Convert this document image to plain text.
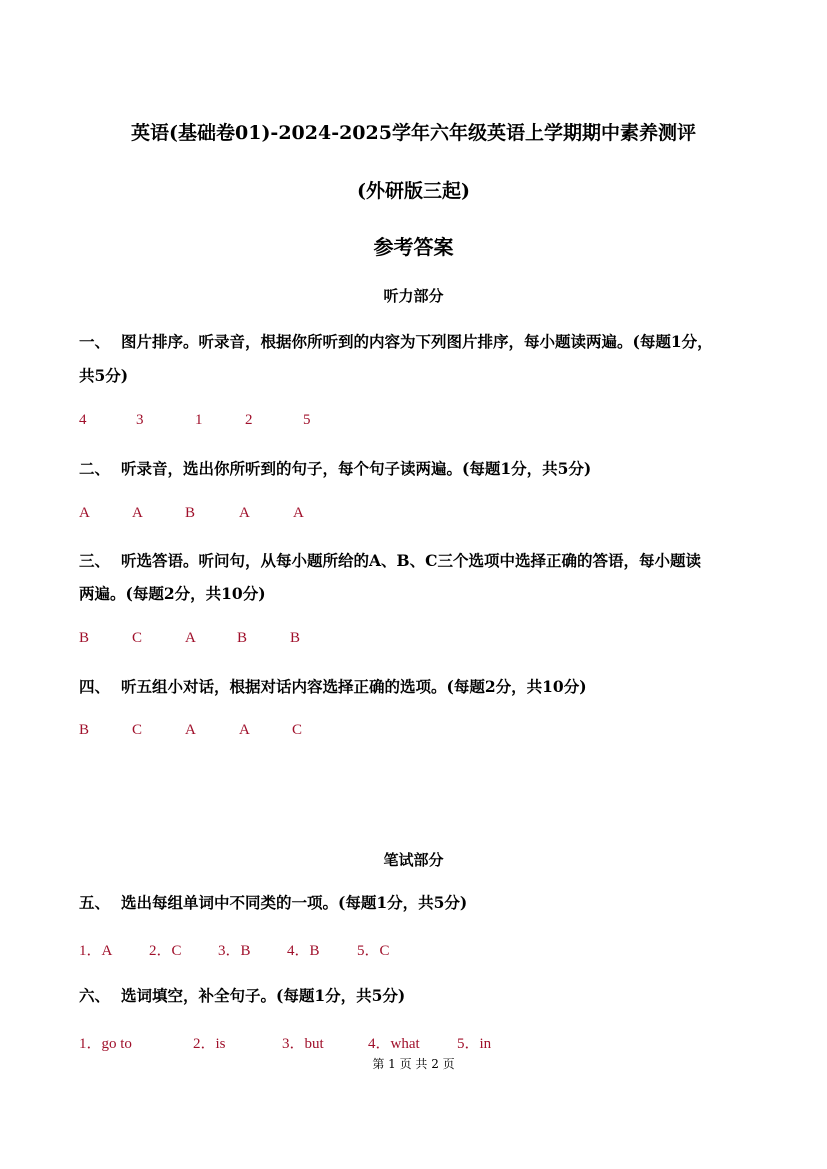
英语(基础卷01)-2024-2025学年六年级英语上学期期中素养测评
(外研版三起)
参考答案
听力部分
一、 图片排序。听录音，根据你所听到的内容为下列图片排序，每小题读两遍。(每题1分，
共5分)
4	3	1	2	5
二、 听录音，选出你所听到的句子，每个句子读两遍。(每题1分，共5分)
A	A	B	A	A
三、 听选答语。听问句，从每小题所给的A、B、C三个选项中选择正确的答语，每小题读
两遍。(每题2分，共10分)
B	C	A	B	B
四、 听五组小对话，根据对话内容选择正确的选项。(每题2分，共10分)
B	C	A	A	C
笔试部分
五、 选出每组单词中不同类的一项。(每题1分，共5分)
1．A 2．C 3．B 4．B 5．C
六、 选词填空，补全句子。(每题1分，共5分)
1．go to	2．is	3．but	4．what 5．in
第 1 页 共 2 页
